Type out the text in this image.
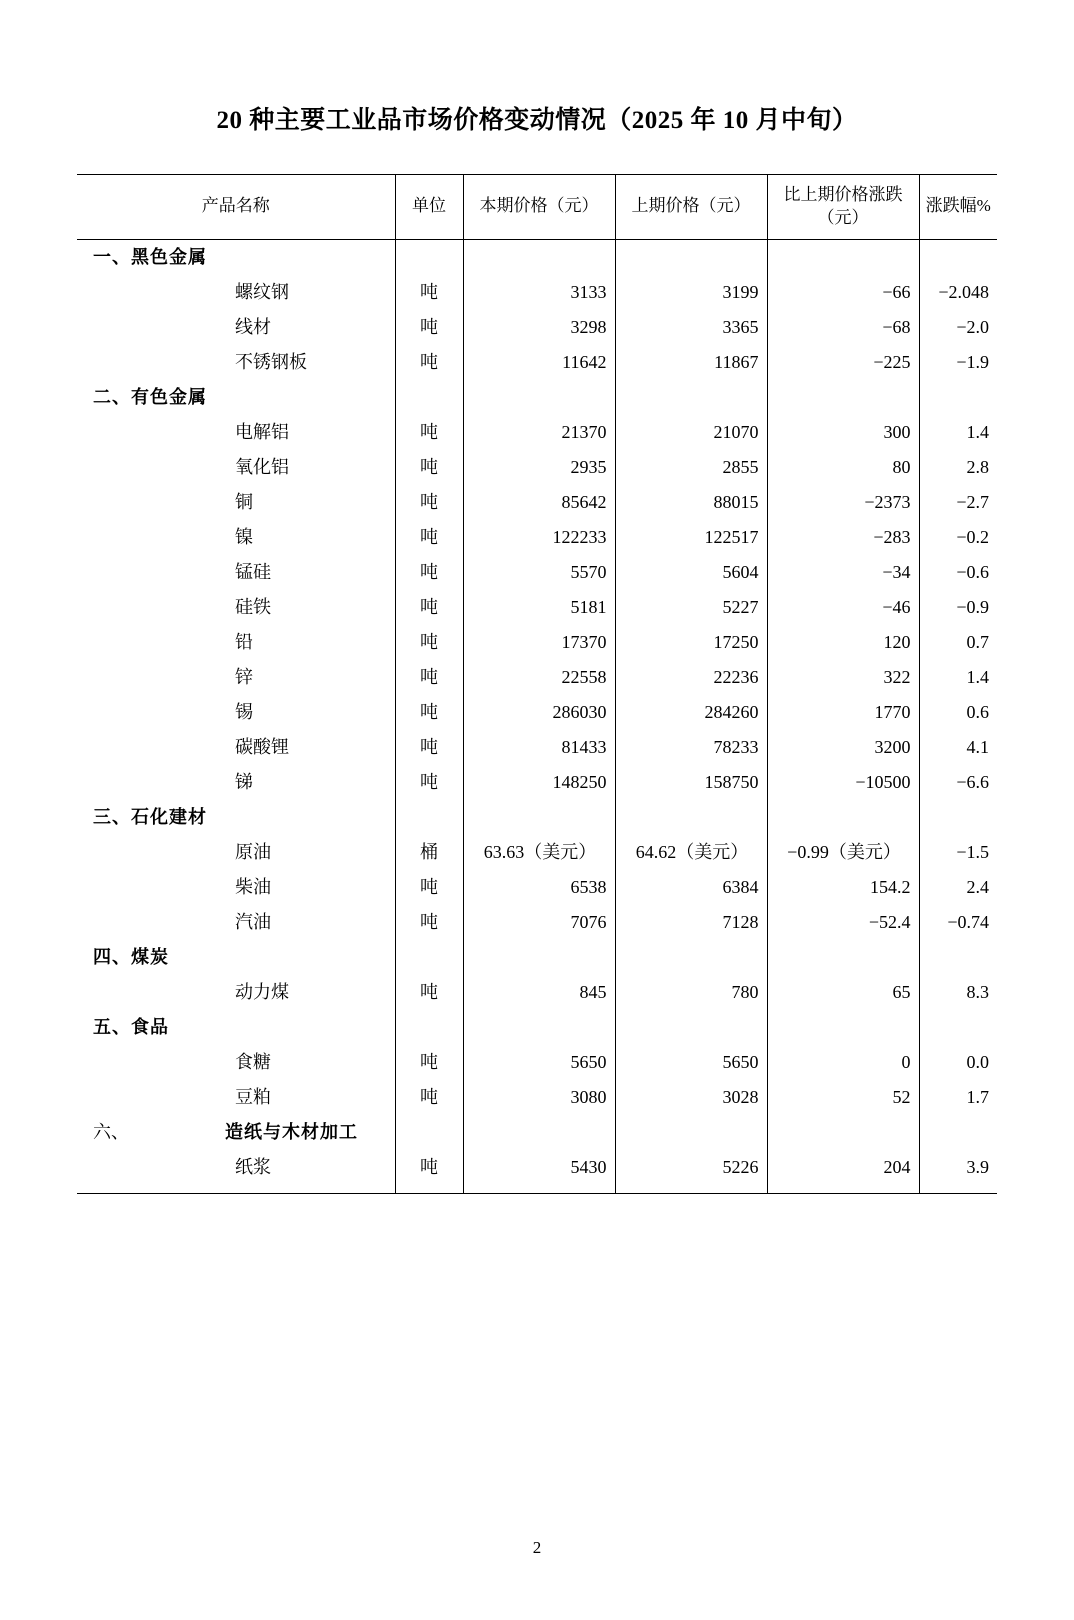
20 种主要工业品市场价格变动情况（2025 年 10 月中旬）
产品名称	单位	本期价格（元）	上期价格（元）	比上期价格涨跌（元）	涨跌幅%
一、黑色金属					
螺纹钢	吨	3133	3199	−66	−2.048
线材	吨	3298	3365	−68	−2.0
不锈钢板	吨	11642	11867	−225	−1.9
二、有色金属					
电解铝	吨	21370	21070	300	1.4
氧化铝	吨	2935	2855	80	2.8
铜	吨	85642	88015	−2373	−2.7
镍	吨	122233	122517	−283	−0.2
锰硅	吨	5570	5604	−34	−0.6
硅铁	吨	5181	5227	−46	−0.9
铅	吨	17370	17250	120	0.7
锌	吨	22558	22236	322	1.4
锡	吨	286030	284260	1770	0.6
碳酸锂	吨	81433	78233	3200	4.1
锑	吨	148250	158750	−10500	−6.6
三、石化建材					
原油	桶	63.63（美元）	64.62（美元）	−0.99（美元）	−1.5
柴油	吨	6538	6384	154.2	2.4
汽油	吨	7076	7128	−52.4	−0.74
四、煤炭					
动力煤	吨	845	780	65	8.3
五、食品					
食糖	吨	5650	5650	0	0.0
豆粕	吨	3080	3028	52	1.7
六、 造纸与木材加工					
纸浆	吨	5430	5226	204	3.9
2
